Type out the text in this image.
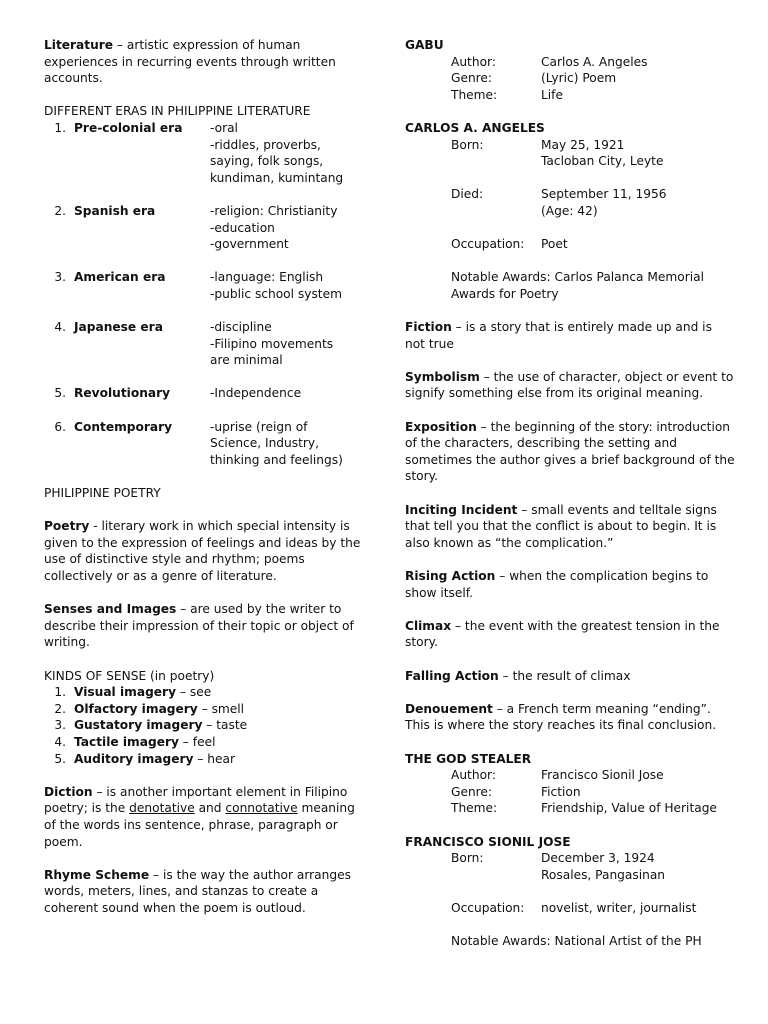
Literature – artistic expression of human experiences in recurring events through written accounts.

DIFFERENT ERAS IN PHILIPPINE LITERATURE

1. Pre-colonial era	-oral
-riddles, proverbs, saying, folk songs, kundiman, kumintang
2. Spanish era	-religion: Christianity
-education
-government
3. American era	-language: English
-public school system
4. Japanese era	-discipline
-Filipino movements are minimal
5. Revolutionary	-Independence
6. Contemporary	-uprise (reign of Science, Industry, thinking and feelings)

PHILIPPINE POETRY

Poetry - literary work in which special intensity is given to the expression of feelings and ideas by the use of distinctive style and rhythm; poems collectively or as a genre of literature.

Senses and Images – are used by the writer to describe their impression of their topic or object of writing.

KINDS OF SENSE (in poetry)

1. Visual imagery – see
2. Olfactory imagery – smell
3. Gustatory imagery – taste
4. Tactile imagery – feel
5. Auditory imagery – hear

Diction – is another important element in Filipino poetry; is the denotative and connotative meaning of the words ins sentence, phrase, paragraph or poem.

Rhyme Scheme – is the way the author arranges words, meters, lines, and stanzas to create a coherent sound when the poem is outloud.

GABU

Author:	Carlos A. Angeles
Genre:	(Lyric) Poem
Theme:	Life

CARLOS A. ANGELES

Born:	May 25, 1921
Tacloban City, Leyte
Died:	September 11, 1956
(Age: 42)
Occupation:	Poet

Notable Awards: Carlos Palanca Memorial Awards for Poetry

Fiction – is a story that is entirely made up and is not true

Symbolism – the use of character, object or event to signify something else from its original meaning.

Exposition – the beginning of the story: introduction of the characters, describing the setting and sometimes the author gives a brief background of the story.

Inciting Incident – small events and telltale signs that tell you that the conflict is about to begin. It is also known as “the complication.”

Rising Action – when the complication begins to show itself.

Climax – the event with the greatest tension in the story.

Falling Action – the result of climax

Denouement – a French term meaning “ending”. This is where the story reaches its final conclusion.

THE GOD STEALER

Author:	Francisco Sionil Jose
Genre:	Fiction
Theme:	Friendship, Value of Heritage

FRANCISCO SIONIL JOSE

Born:	December 3, 1924
Rosales, Pangasinan
Occupation:	novelist, writer, journalist

Notable Awards: National Artist of the PH
